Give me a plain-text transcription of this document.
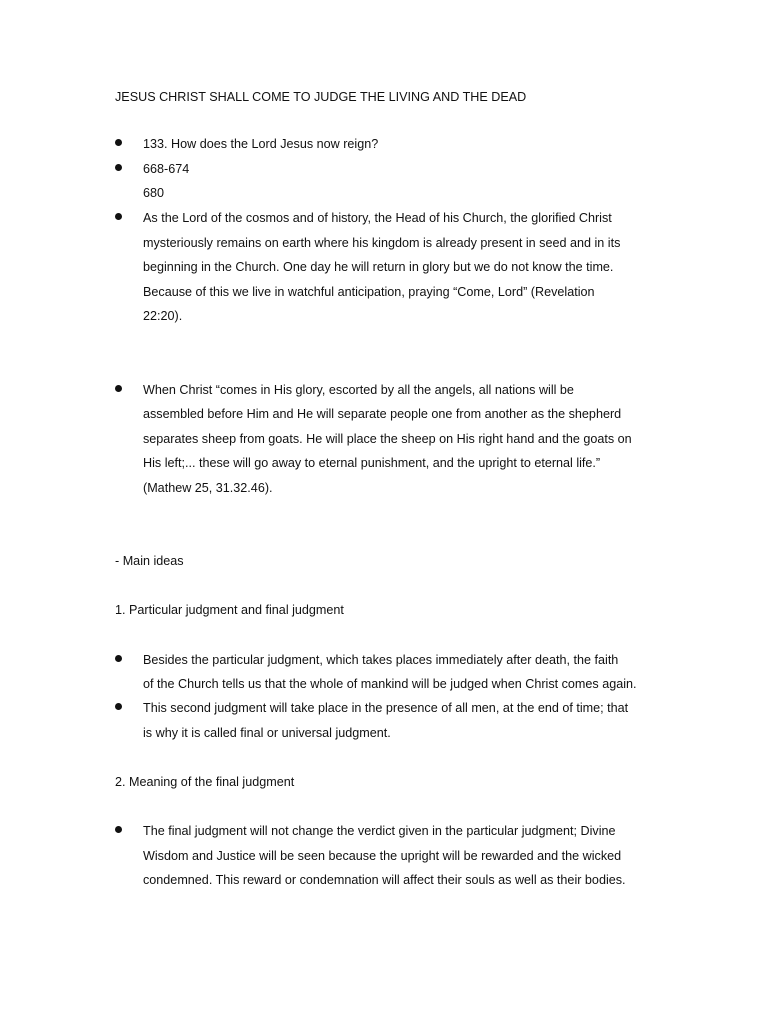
JESUS CHRIST SHALL COME TO JUDGE THE LIVING AND THE DEAD
133. How does the Lord Jesus now reign?
668-674
680
As the Lord of the cosmos and of history, the Head of his Church, the glorified Christ
mysteriously remains on earth where his kingdom is already present in seed and in its
beginning in the Church. One day he will return in glory but we do not know the time.
Because of this we live in watchful anticipation, praying “Come, Lord” (Revelation
22:20).
When Christ “comes in His glory, escorted by all the angels, all nations will be
assembled before Him and He will separate people one from another as the shepherd
separates sheep from goats. He will place the sheep on His right hand and the goats on
His left;... these will go away to eternal punishment, and the upright to eternal life.”
(Mathew 25, 31.32.46).
- Main ideas
1. Particular judgment and final judgment
Besides the particular judgment, which takes places immediately after death, the faith
of the Church tells us that the whole of mankind will be judged when Christ comes again.
This second judgment will take place in the presence of all men, at the end of time; that
is why it is called final or universal judgment.
2. Meaning of the final judgment
The final judgment will not change the verdict given in the particular judgment; Divine
Wisdom and Justice will be seen because the upright will be rewarded and the wicked
condemned. This reward or condemnation will affect their souls as well as their bodies.
